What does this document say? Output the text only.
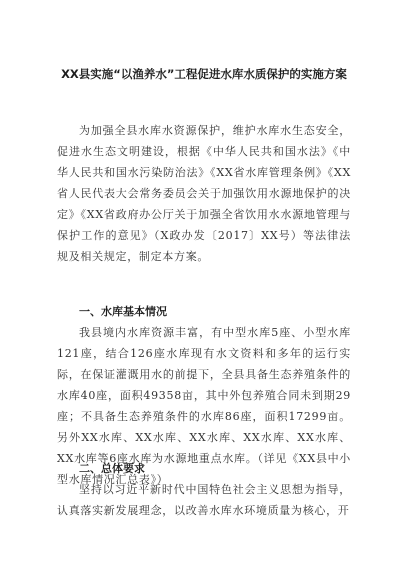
XX县实施“以渔养水”工程促进水库水质保护的实施方案

为加强全县水库水资源保护，维护水库水生态安全，促进水生态文明建设，根据《中华人民共和国水法》《中华人民共和国水污染防治法》《XX省水库管理条例》《XX省人民代表大会常务委员会关于加强饮用水源地保护的决定》《XX省政府办公厅关于加强全省饮用水水源地管理与保护工作的意见》（X政办发〔2017〕XX号）等法律法规及相关规定，制定本方案。

一、水库基本情况

我县境内水库资源丰富，有中型水库5座、小型水库121座，结合126座水库现有水文资料和多年的运行实际，在保证灌溉用水的前提下，全县具备生态养殖条件的水库40座，面积49358亩，其中外包养殖合同未到期29座；不具备生态养殖条件的水库86座，面积17299亩。另外XX水库、XX水库、XX水库、XX水库、XX水库、XX水库等6座水库为水源地重点水库。（详见《XX县中小型水库情况汇总表》）

二、总体要求

坚持以习近平新时代中国特色社会主义思想为指导，认真落实新发展理念，以改善水库水环境质量为核心，开
